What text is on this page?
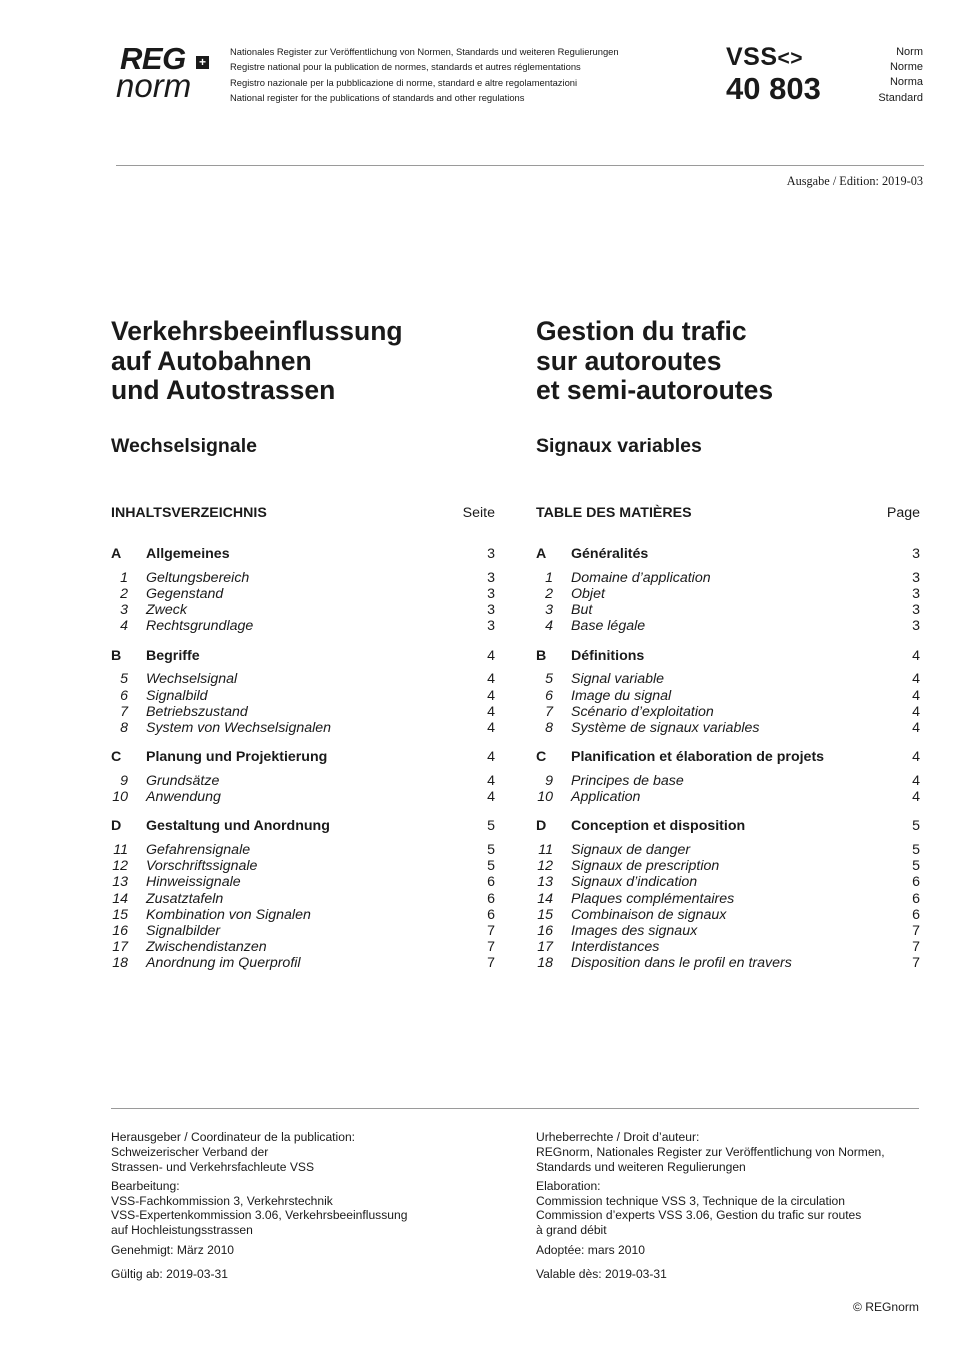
REG +
norm
Nationales Register zur Veröffentlichung von Normen, Standards und weiteren Regulierungen
Registre national pour la publication de normes, standards et autres réglementations
Registro nazionale per la pubblicazione di norme, standard e altre regolamentazioni
National register for the publications of standards and other regulations
VSS<>
40 803
Norm
Norme
Norma
Standard
Ausgabe / Edition: 2019-03
Verkehrsbeeinflussung
auf Autobahnen
und Autostrassen
Gestion du trafic
sur autoroutes
et semi-autoroutes
Wechselsignale	Signaux variables
INHALTSVERZEICHNIS	Seite	TABLE DES MATIÈRES	Page
A Allgemeines	3
1 Geltungsbereich	3
2 Gegenstand	3
3 Zweck	3
4 Rechtsgrundlage	3
B Begriffe	4
5 Wechselsignal	4
6 Signalbild	4
7 Betriebszustand	4
8 System von Wechselsignalen	4
C Planung und Projektierung	4
9 Grundsätze	4
10 Anwendung	4
D Gestaltung und Anordnung	5
11 Gefahrensignale	5
12 Vorschriftssignale	5
13 Hinweissignale	6
14 Zusatztafeln	6
15 Kombination von Signalen	6
16 Signalbilder	7
17 Zwischendistanzen	7
18 Anordnung im Querprofil	7
A Généralités	3
1 Domaine d’application	3
2 Objet	3
3 But	3
4 Base légale	3
B Définitions	4
5 Signal variable	4
6 Image du signal	4
7 Scénario d’exploitation	4
8 Système de signaux variables	4
C Planification et élaboration de projets	4
9 Principes de base	4
10 Application	4
D Conception et disposition	5
11 Signaux de danger	5
12 Signaux de prescription	5
13 Signaux d’indication	6
14 Plaques complémentaires	6
15 Combinaison de signaux	6
16 Images des signaux	7
17 Interdistances	7
18 Disposition dans le profil en travers	7
Herausgeber / Coordinateur de la publication:
Schweizerischer Verband der
Strassen- und Verkehrsfachleute VSS
Bearbeitung:
VSS-Fachkommission 3, Verkehrstechnik
VSS-Expertenkommission 3.06, Verkehrsbeeinflussung
auf Hochleistungsstrassen
Genehmigt: März 2010
Gültig ab: 2019-03-31
Urheberrechte / Droit d’auteur:
REGnorm, Nationales Register zur Veröffentlichung von Normen,
Standards und weiteren Regulierungen
Elaboration:
Commission technique VSS 3, Technique de la circulation
Commission d’experts VSS 3.06, Gestion du trafic sur routes
à grand débit
Adoptée: mars 2010
Valable dès: 2019-03-31
© REGnorm
